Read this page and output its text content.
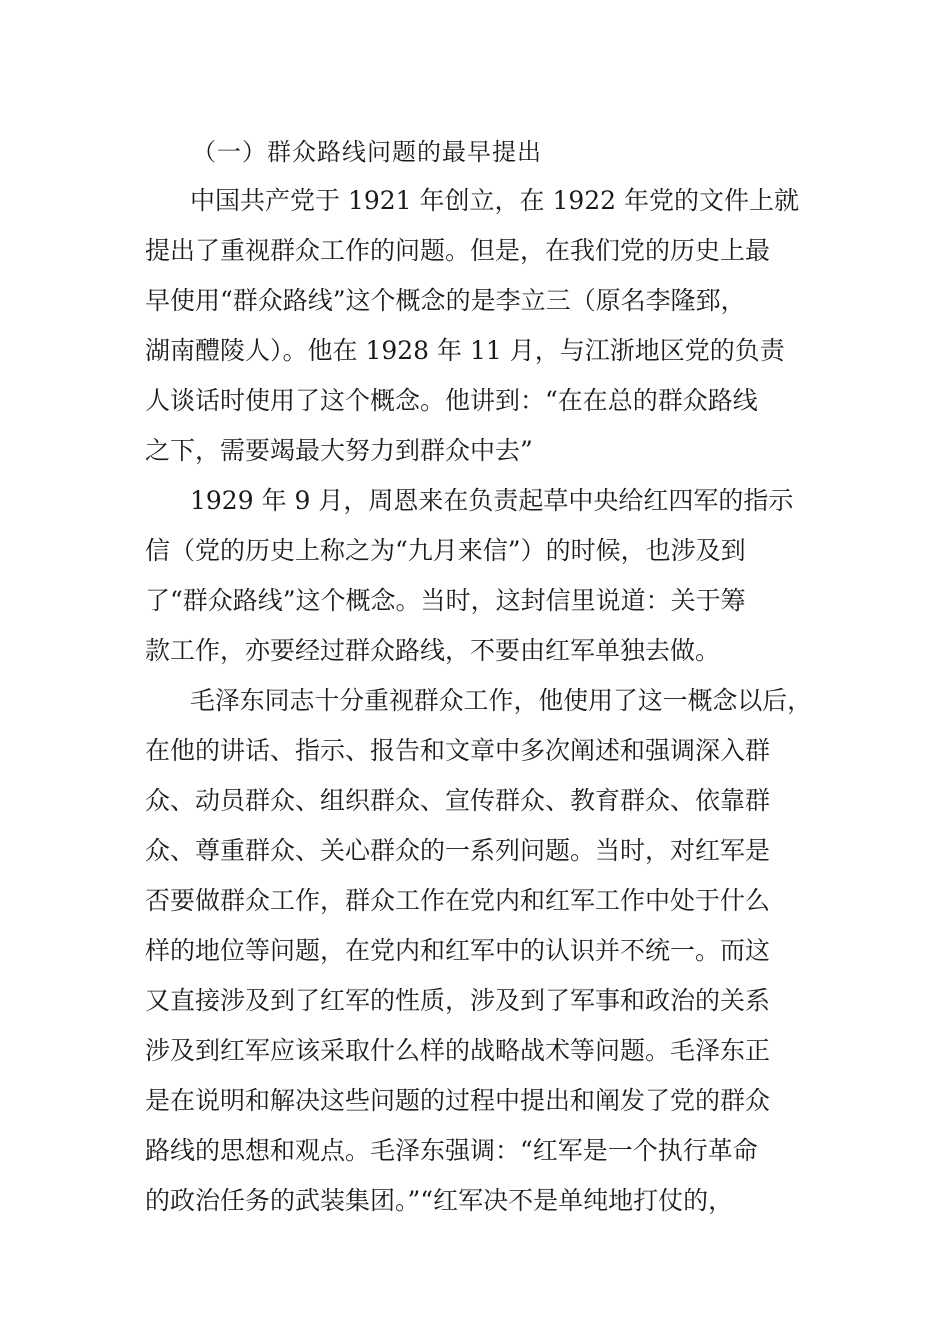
（一）群众路线问题的最早提出
中国共产党于 1921 年创立，在 1922 年党的文件上就
提出了重视群众工作的问题。但是，在我们党的历史上最
早使用“群众路线”这个概念的是李立三（原名李隆郅，
湖南醴陵人）。他在 1928 年 11 月，与江浙地区党的负责
人谈话时使用了这个概念。他讲到：“在在总的群众路线
之下，需要竭最大努力到群众中去”
1929 年 9 月，周恩来在负责起草中央给红四军的指示
信（党的历史上称之为“九月来信”）的时候，也涉及到
了“群众路线”这个概念。当时，这封信里说道：关于筹
款工作，亦要经过群众路线，不要由红军单独去做。
毛泽东同志十分重视群众工作，他使用了这一概念以后，
在他的讲话、指示、报告和文章中多次阐述和强调深入群
众、动员群众、组织群众、宣传群众、教育群众、依靠群
众、尊重群众、关心群众的一系列问题。当时，对红军是
否要做群众工作，群众工作在党内和红军工作中处于什么
样的地位等问题，在党内和红军中的认识并不统一。而这
又直接涉及到了红军的性质，涉及到了军事和政治的关系
涉及到红军应该采取什么样的战略战术等问题。毛泽东正
是在说明和解决这些问题的过程中提出和阐发了党的群众
路线的思想和观点。毛泽东强调：“红军是一个执行革命
的政治任务的武装集团。”“红军决不是单纯地打仗的，
